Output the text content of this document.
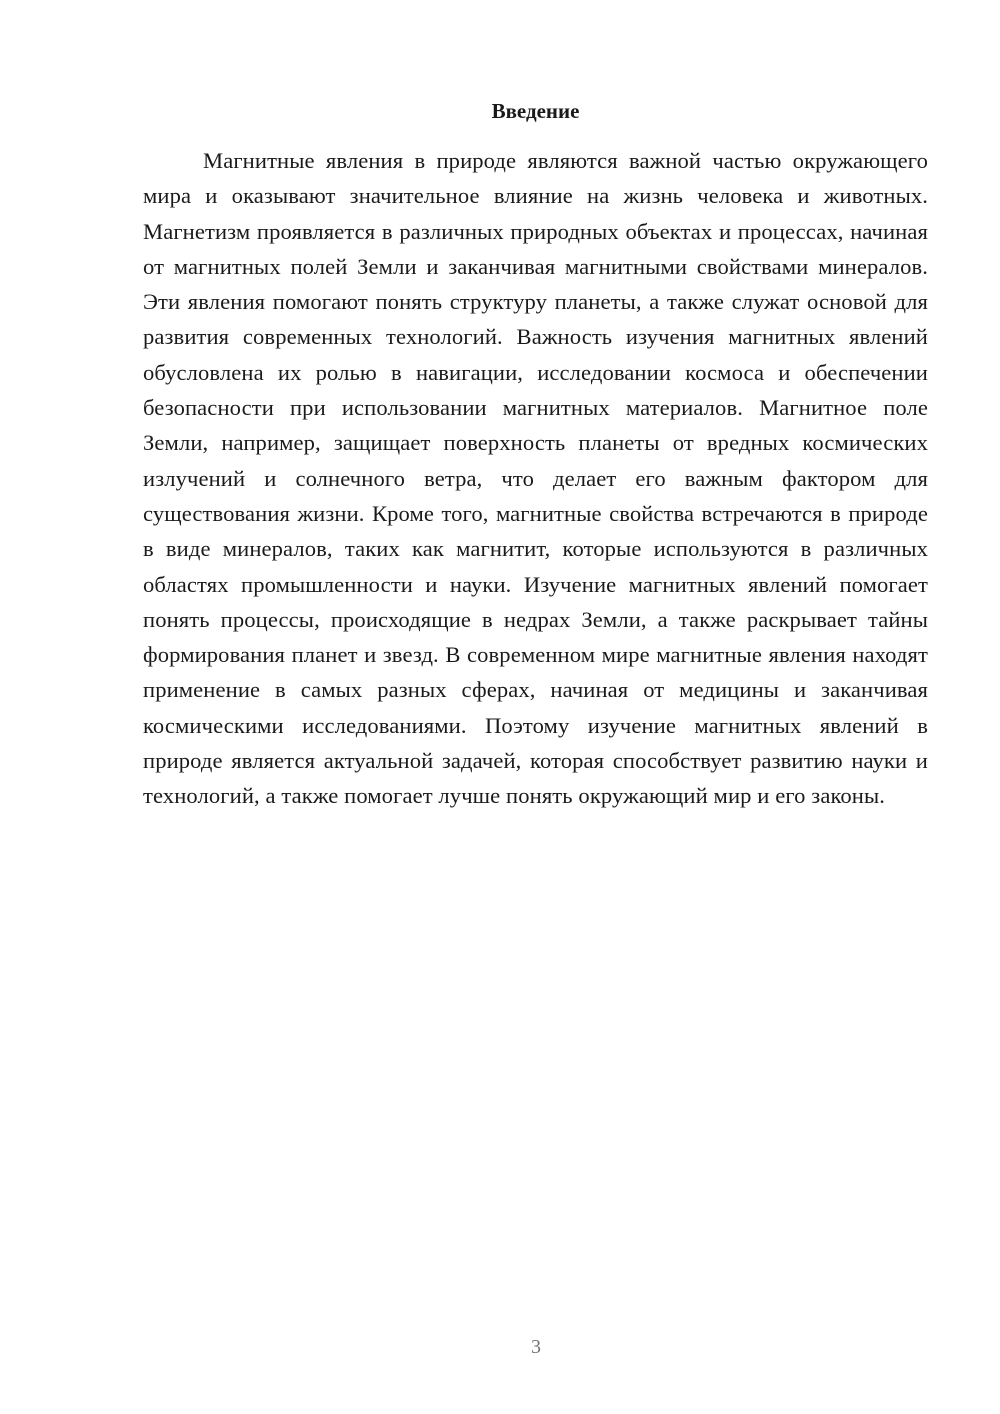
Введение

Магнитные явления в природе являются важной частью окружающего мира и оказывают значительное влияние на жизнь человека и животных. Магнетизм проявляется в различных природных объектах и процессах, начиная от магнитных полей Земли и заканчивая магнитными свойствами минералов. Эти явления помогают понять структуру планеты, а также служат основой для развития современных технологий. Важность изучения магнитных явлений обусловлена их ролью в навигации, исследовании космоса и обеспечении безопасности при использовании магнитных материалов. Магнитное поле Земли, например, защищает поверхность планеты от вредных космических излучений и солнечного ветра, что делает его важным фактором для существования жизни. Кроме того, магнитные свойства встречаются в природе в виде минералов, таких как магнитит, которые используются в различных областях промышленности и науки. Изучение магнитных явлений помогает понять процессы, происходящие в недрах Земли, а также раскрывает тайны формирования планет и звезд. В современном мире магнитные явления находят применение в самых разных сферах, начиная от медицины и заканчивая космическими исследованиями. Поэтому изучение магнитных явлений в природе является актуальной задачей, которая способствует развитию науки и технологий, а также помогает лучше понять окружающий мир и его законы.

3
